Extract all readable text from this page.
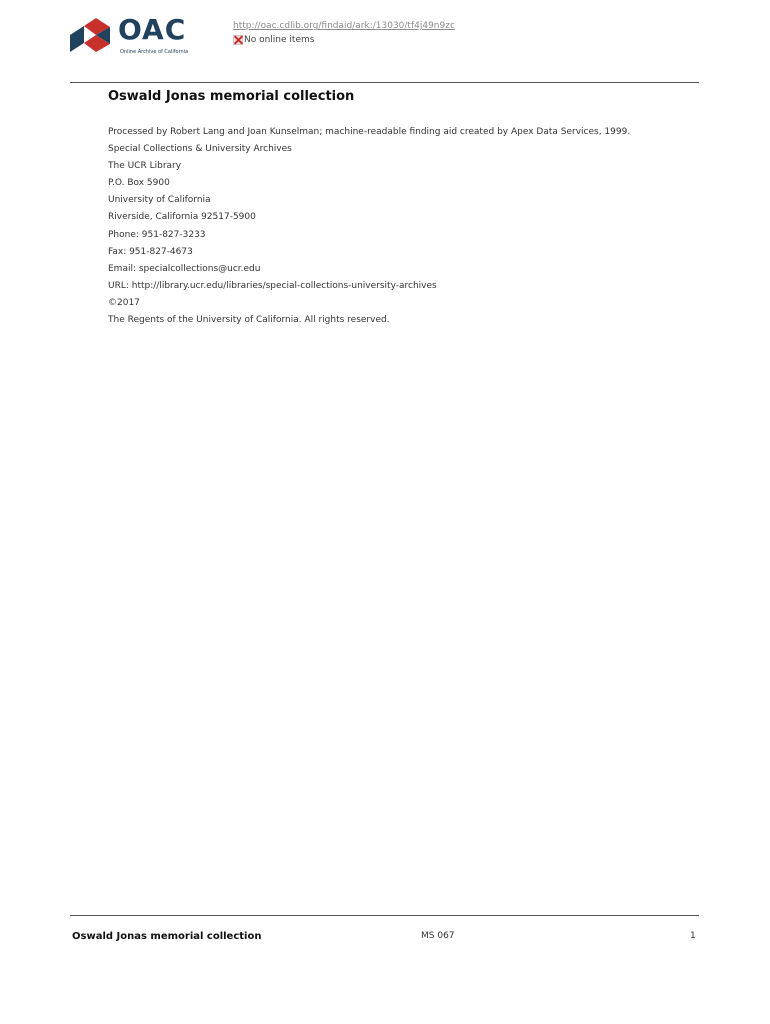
OAC
Online Archive of California
http://oac.cdlib.org/findaid/ark:/13030/tf4j49n9zc
No online items
Oswald Jonas memorial collection
Processed by Robert Lang and Joan Kunselman; machine-readable finding aid created by Apex Data Services, 1999.
Special Collections & University Archives
The UCR Library
P.O. Box 5900
University of California
Riverside, California 92517-5900
Phone: 951-827-3233
Fax: 951-827-4673
Email: specialcollections@ucr.edu
URL: http://library.ucr.edu/libraries/special-collections-university-archives
©2017
The Regents of the University of California. All rights reserved.
Oswald Jonas memorial collection	MS 067	1
